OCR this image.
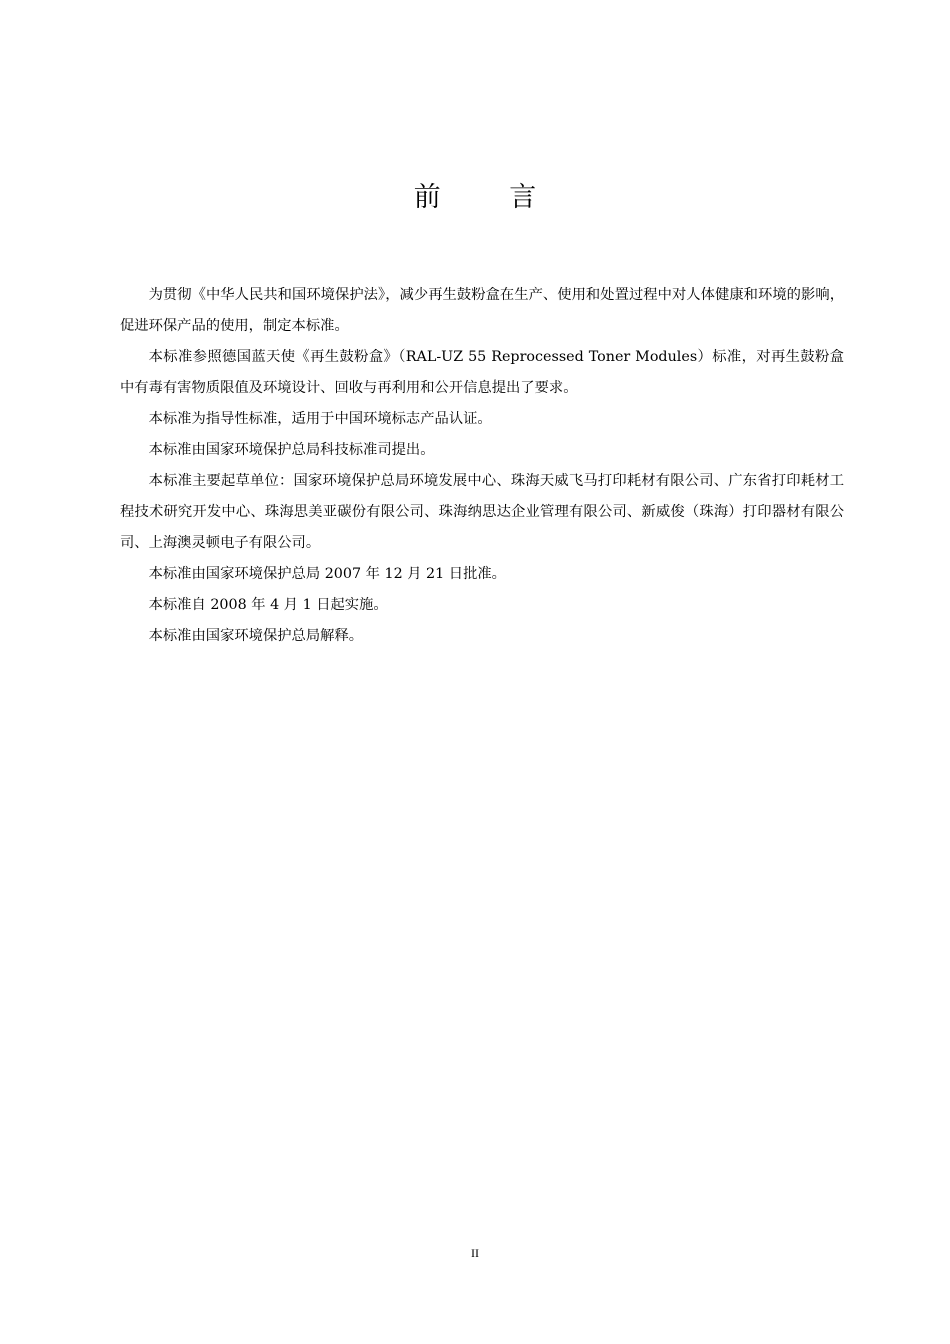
前 言

为贯彻《中华人民共和国环境保护法》，减少再生鼓粉盒在生产、使用和处置过程中对人体健康和环境的影响，促进环保产品的使用，制定本标准。

本标准参照德国蓝天使《再生鼓粉盒》（RAL-UZ 55 Reprocessed Toner Modules）标准，对再生鼓粉盒中有毒有害物质限值及环境设计、回收与再利用和公开信息提出了要求。

本标准为指导性标准，适用于中国环境标志产品认证。

本标准由国家环境保护总局科技标准司提出。

本标准主要起草单位：国家环境保护总局环境发展中心、珠海天威飞马打印耗材有限公司、广东省打印耗材工程技术研究开发中心、珠海思美亚碳份有限公司、珠海纳思达企业管理有限公司、新威俊（珠海）打印器材有限公司、上海澳灵顿电子有限公司。

本标准由国家环境保护总局 2007 年 12 月 21 日批准。

本标准自 2008 年 4 月 1 日起实施。

本标准由国家环境保护总局解释。

II
